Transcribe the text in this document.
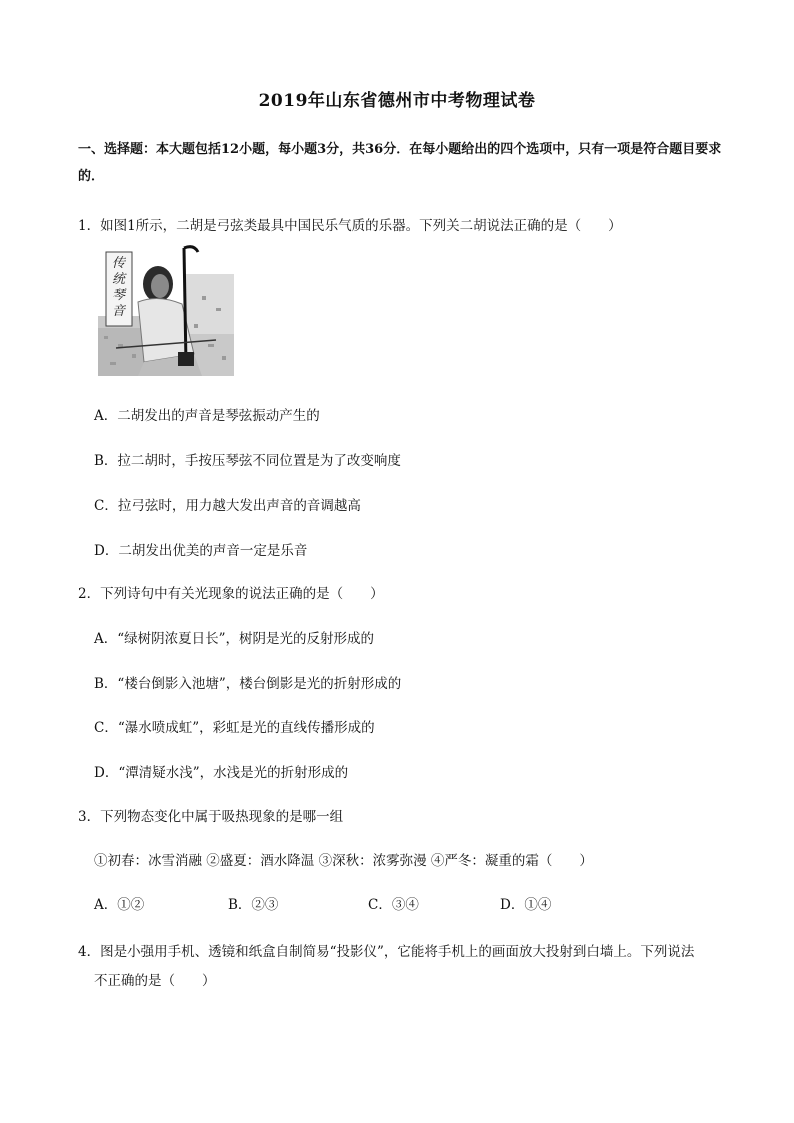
2019年山东省德州市中考物理试卷
一、选择题：本大题包括12小题，每小题3分，共36分．在每小题给出的四个选项中，只有一项是符合题目要求的．
1．如图1所示，二胡是弓弦类最具中国民乐气质的乐器。下列关二胡说法正确的是（　　）
传统琴音
A．二胡发出的声音是琴弦振动产生的
B．拉二胡时，手按压琴弦不同位置是为了改变响度
C．拉弓弦时，用力越大发出声音的音调越高
D．二胡发出优美的声音一定是乐音
2．下列诗句中有关光现象的说法正确的是（　　）
A．“绿树阴浓夏日长”，树阴是光的反射形成的
B．“楼台倒影入池塘”，楼台倒影是光的折射形成的
C．“瀑水喷成虹”，彩虹是光的直线传播形成的
D．“潭清疑水浅”，水浅是光的折射形成的
3．下列物态变化中属于吸热现象的是哪一组
①初春：冰雪消融 ②盛夏：酒水降温 ③深秋：浓雾弥漫 ④严冬：凝重的霜（　　）
A．①②	B．②③	C．③④	D．①④
4．图是小强用手机、透镜和纸盒自制简易“投影仪”，它能将手机上的画面放大投射到白墙上。下列说法
不正确的是（　　）
